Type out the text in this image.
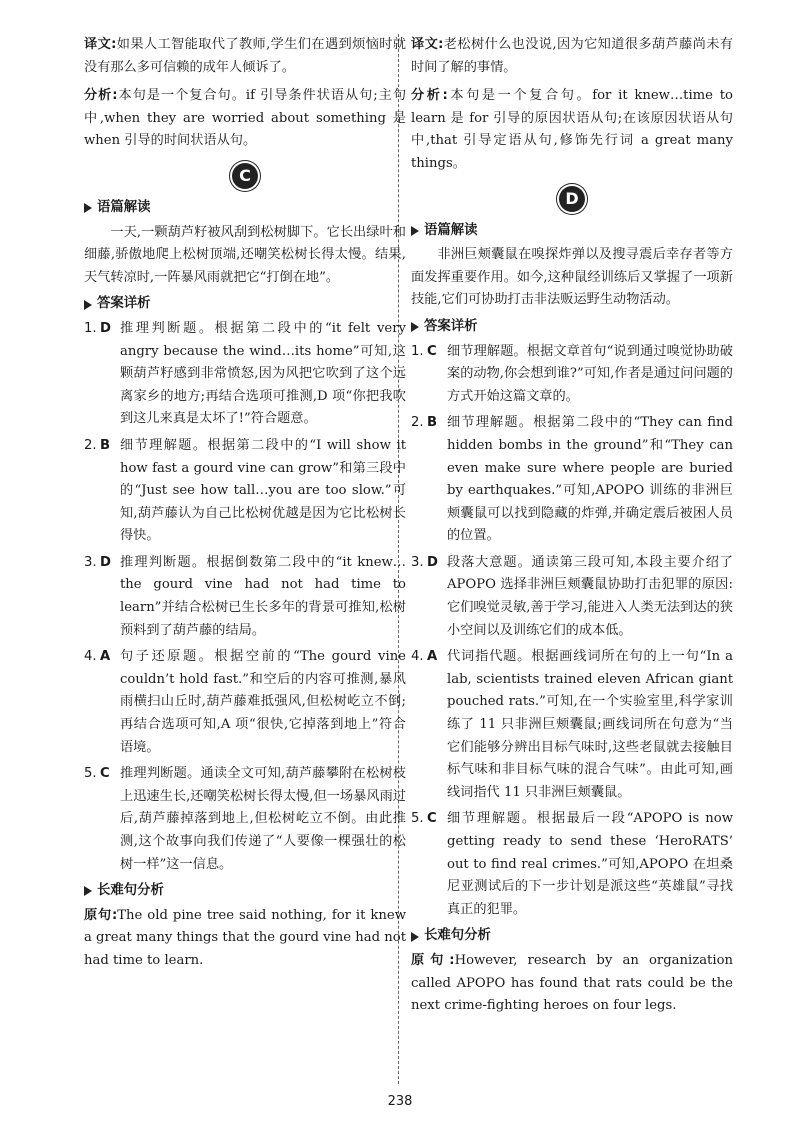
译文:如果人工智能取代了教师,学生们在遇到烦恼时就没有那么多可信赖的成年人倾诉了。

分析:本句是一个复合句。if 引导条件状语从句;主句中,when they are worried about something 是 when 引导的时间状语从句。

C
语篇解读

一天,一颗葫芦籽被风刮到松树脚下。它长出绿叶和细藤,骄傲地爬上松树顶端,还嘲笑松树长得太慢。结果,天气转凉时,一阵暴风雨就把它“打倒在地”。

答案详析
1. D 推理判断题。根据第二段中的“it felt very angry because the wind…its home”可知,这颗葫芦籽感到非常愤怒,因为风把它吹到了这个远离家乡的地方;再结合选项可推测,D 项“你把我吹到这儿来真是太坏了!”符合题意。
2. B 细节理解题。根据第二段中的“I will show it how fast a gourd vine can grow”和第三段中的“Just see how tall…you are too slow.”可知,葫芦藤认为自己比松树优越是因为它比松树长得快。
3. D 推理判断题。根据倒数第二段中的“it knew…the gourd vine had not had time to learn”并结合松树已生长多年的背景可推知,松树预料到了葫芦藤的结局。
4. A 句子还原题。根据空前的“The gourd vine couldn’t hold fast.”和空后的内容可推测,暴风雨横扫山丘时,葫芦藤难抵强风,但松树屹立不倒;再结合选项可知,A 项“很快,它掉落到地上”符合语境。
5. C 推理判断题。通读全文可知,葫芦藤攀附在松树枝上迅速生长,还嘲笑松树长得太慢,但一场暴风雨过后,葫芦藤掉落到地上,但松树屹立不倒。由此推测,这个故事向我们传递了“人要像一棵强壮的松树一样”这一信息。
长难句分析

原句:The old pine tree said nothing, for it knew a great many things that the gourd vine had not had time to learn.

译文:老松树什么也没说,因为它知道很多葫芦藤尚未有时间了解的事情。

分析:本句是一个复合句。for it knew…time to learn 是 for 引导的原因状语从句;在该原因状语从句中,that 引导定语从句,修饰先行词 a great many things。

D
语篇解读

非洲巨颊囊鼠在嗅探炸弹以及搜寻震后幸存者等方面发挥重要作用。如今,这种鼠经训练后又掌握了一项新技能,它们可协助打击非法贩运野生动物活动。

答案详析
1. C 细节理解题。根据文章首句“说到通过嗅觉协助破案的动物,你会想到谁?”可知,作者是通过问问题的方式开始这篇文章的。
2. B 细节理解题。根据第二段中的“They can find hidden bombs in the ground”和“They can even make sure where people are buried by earthquakes.”可知,APOPO 训练的非洲巨颊囊鼠可以找到隐藏的炸弹,并确定震后被困人员的位置。
3. D 段落大意题。通读第三段可知,本段主要介绍了 APOPO 选择非洲巨颊囊鼠协助打击犯罪的原因:它们嗅觉灵敏,善于学习,能进入人类无法到达的狭小空间以及训练它们的成本低。
4. A 代词指代题。根据画线词所在句的上一句“In a lab, scientists trained eleven African giant pouched rats.”可知,在一个实验室里,科学家训练了 11 只非洲巨颊囊鼠;画线词所在句意为“当它们能够分辨出目标气味时,这些老鼠就去接触目标气味和非目标气味的混合气味”。由此可知,画线词指代 11 只非洲巨颊囊鼠。
5. C 细节理解题。根据最后一段“APOPO is now getting ready to send these ‘HeroRATS’ out to find real crimes.”可知,APOPO 在坦桑尼亚测试后的下一步计划是派这些“英雄鼠”寻找真正的犯罪。
长难句分析

原句:However, research by an organization called APOPO has found that rats could be the next crime-fighting heroes on four legs.

238
